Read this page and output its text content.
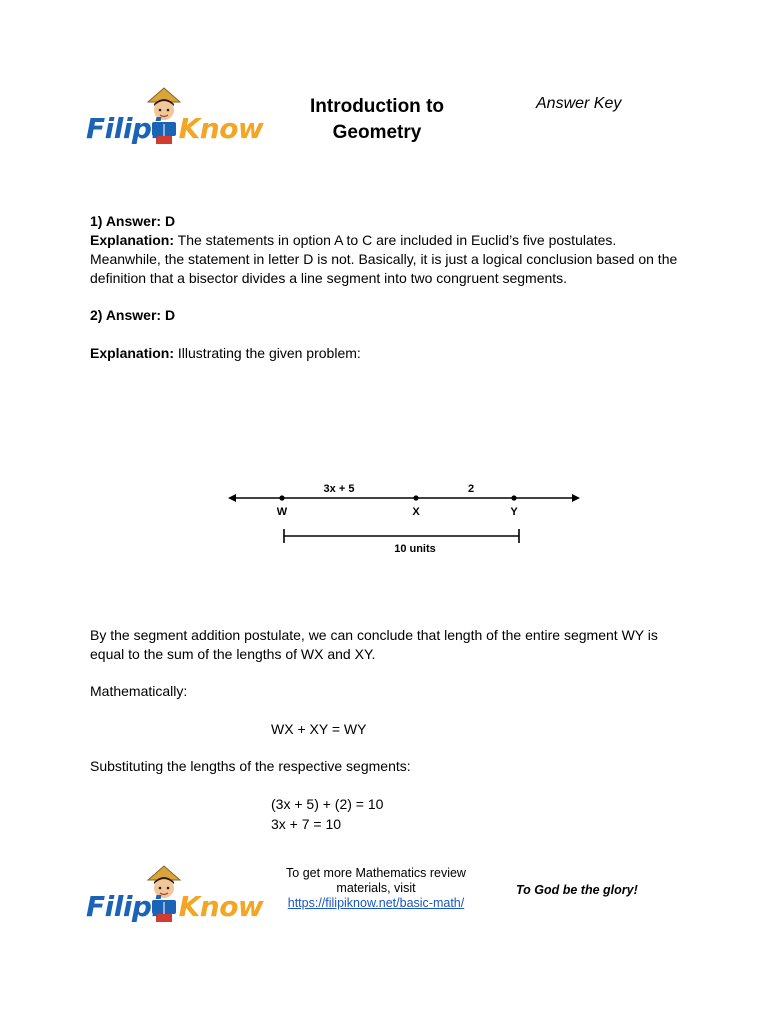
Filipi Know
Introduction to
Geometry
Answer Key
1) Answer: D
Explanation: The statements in option A to C are included in Euclid’s five postulates. Meanwhile, the statement in letter D is not. Basically, it is just a logical conclusion based on the definition that a bisector divides a line segment into two congruent segments.
2) Answer: D
Explanation: Illustrating the given problem:
3x + 5	2
W	X	Y
10 units
By the segment addition postulate, we can conclude that length of the entire segment WY is equal to the sum of the lengths of WX and XY.
Mathematically:
WX + XY = WY
Substituting the lengths of the respective segments:
(3x + 5) + (2) = 10
3x + 7 = 10
Filipi Know
To get more Mathematics review
materials, visit
https://filipiknow.net/basic-math/
To God be the glory!
